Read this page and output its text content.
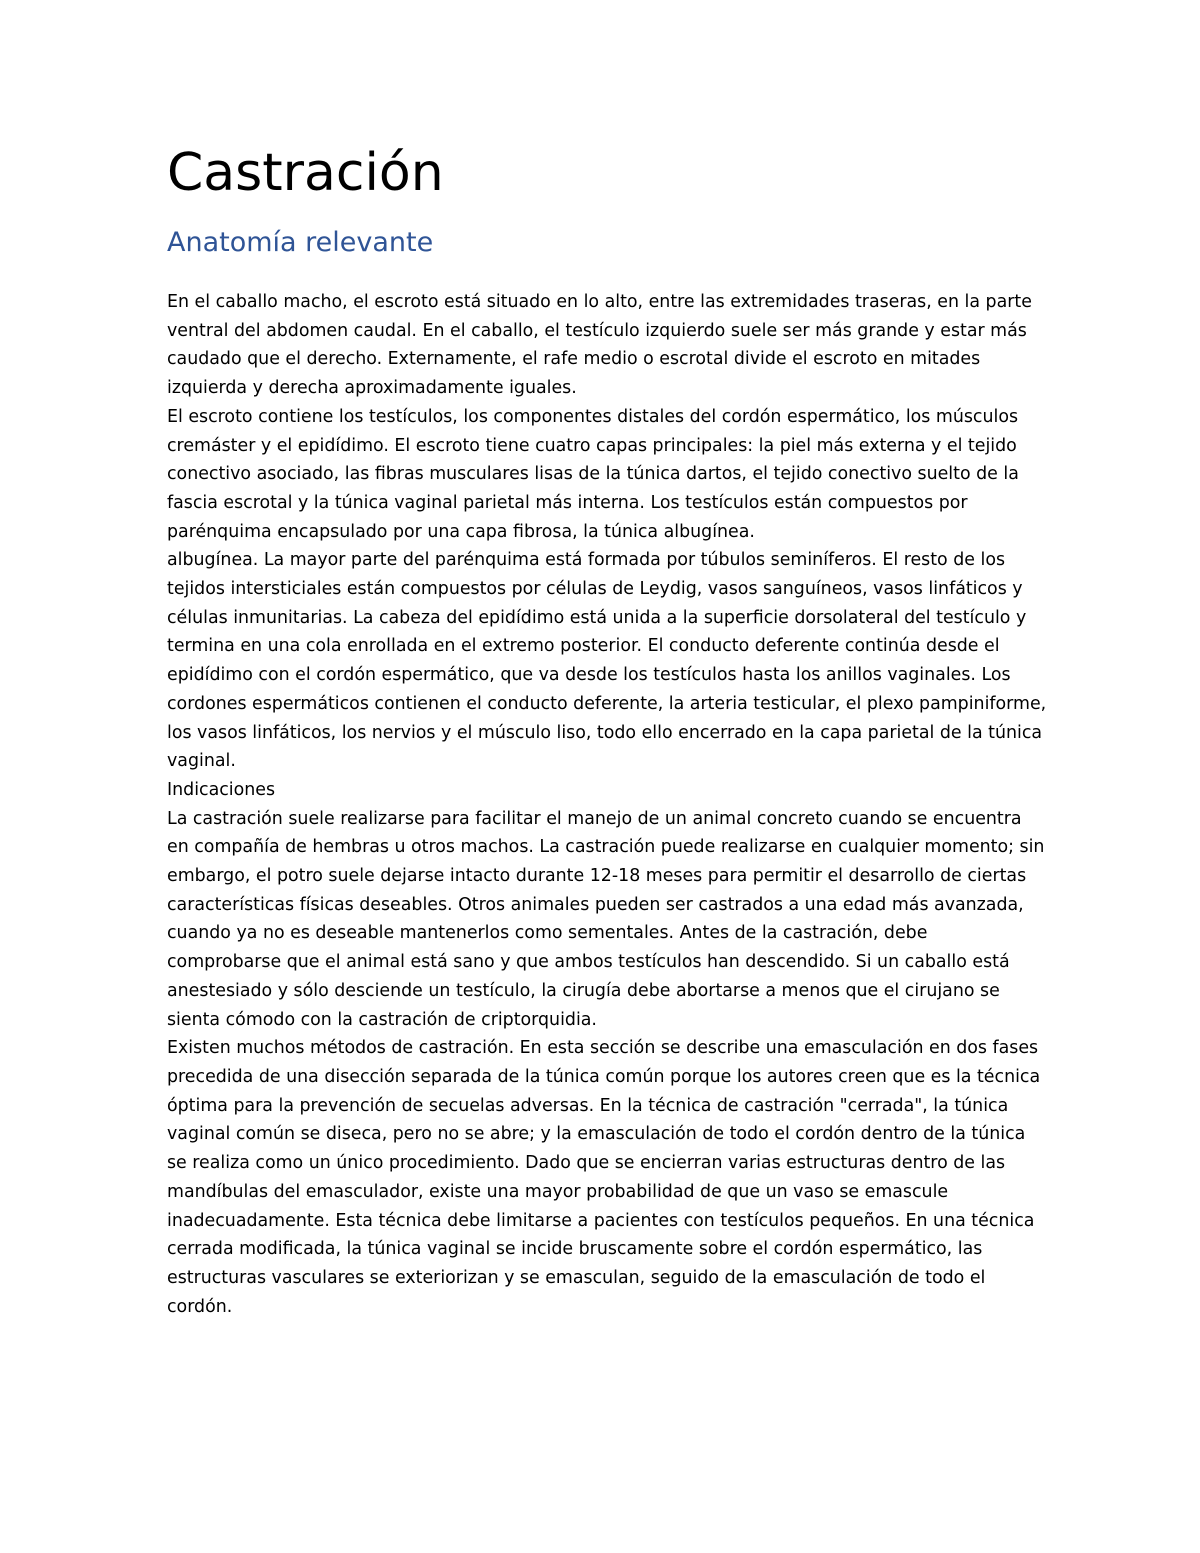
Castración
Anatomía relevante

En el caballo macho, el escroto está situado en lo alto, entre las extremidades traseras, en la parte ventral del abdomen caudal. En el caballo, el testículo izquierdo suele ser más grande y estar más caudado que el derecho. Externamente, el rafe medio o escrotal divide el escroto en mitades izquierda y derecha aproximadamente iguales.

El escroto contiene los testículos, los componentes distales del cordón espermático, los músculos cremáster y el epidídimo. El escroto tiene cuatro capas principales: la piel más externa y el tejido conectivo asociado, las fibras musculares lisas de la túnica dartos, el tejido conectivo suelto de la fascia escrotal y la túnica vaginal parietal más interna. Los testículos están compuestos por parénquima encapsulado por una capa fibrosa, la túnica albugínea.

albugínea. La mayor parte del parénquima está formada por túbulos seminíferos. El resto de los tejidos intersticiales están compuestos por células de Leydig, vasos sanguíneos, vasos linfáticos y células inmunitarias. La cabeza del epidídimo está unida a la superficie dorsolateral del testículo y termina en una cola enrollada en el extremo posterior. El conducto deferente continúa desde el epidídimo con el cordón espermático, que va desde los testículos hasta los anillos vaginales. Los cordones espermáticos contienen el conducto deferente, la arteria testicular, el plexo pampiniforme, los vasos linfáticos, los nervios y el músculo liso, todo ello encerrado en la capa parietal de la túnica vaginal.

Indicaciones

La castración suele realizarse para facilitar el manejo de un animal concreto cuando se encuentra en compañía de hembras u otros machos. La castración puede realizarse en cualquier momento; sin embargo, el potro suele dejarse intacto durante 12-18 meses para permitir el desarrollo de ciertas características físicas deseables. Otros animales pueden ser castrados a una edad más avanzada, cuando ya no es deseable mantenerlos como sementales. Antes de la castración, debe comprobarse que el animal está sano y que ambos testículos han descendido. Si un caballo está anestesiado y sólo desciende un testículo, la cirugía debe abortarse a menos que el cirujano se sienta cómodo con la castración de criptorquidia.

Existen muchos métodos de castración. En esta sección se describe una emasculación en dos fases precedida de una disección separada de la túnica común porque los autores creen que es la técnica óptima para la prevención de secuelas adversas. En la técnica de castración "cerrada", la túnica vaginal común se diseca, pero no se abre; y la emasculación de todo el cordón dentro de la túnica se realiza como un único procedimiento. Dado que se encierran varias estructuras dentro de las mandíbulas del emasculador, existe una mayor probabilidad de que un vaso se emascule inadecuadamente. Esta técnica debe limitarse a pacientes con testículos pequeños. En una técnica cerrada modificada, la túnica vaginal se incide bruscamente sobre el cordón espermático, las estructuras vasculares se exteriorizan y se emasculan, seguido de la emasculación de todo el cordón.
